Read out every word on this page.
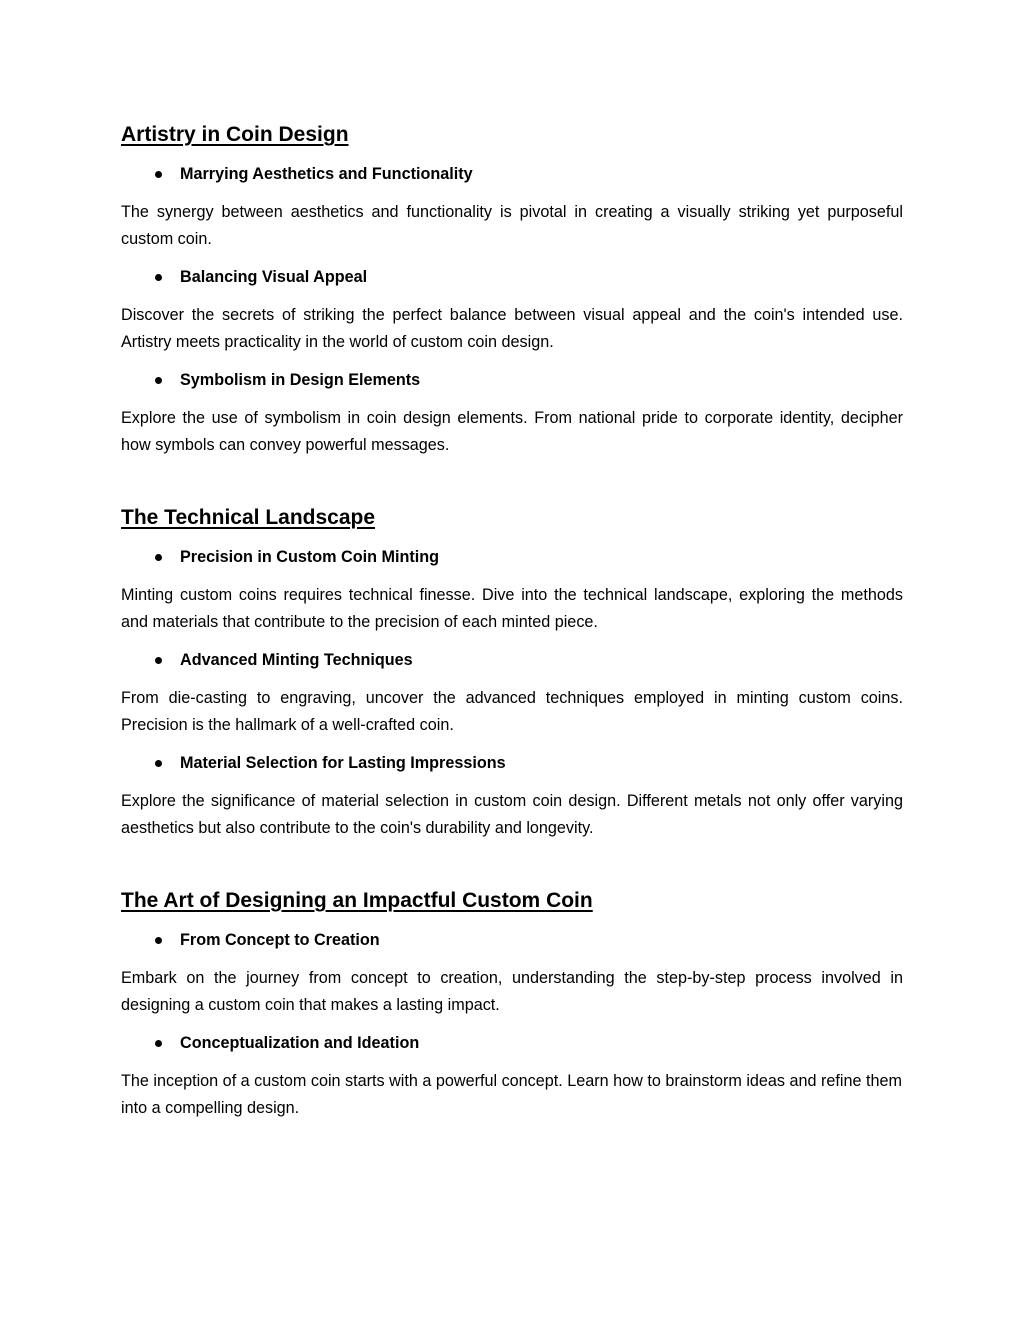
Artistry in Coin Design
Marrying Aesthetics and Functionality

The synergy between aesthetics and functionality is pivotal in creating a visually striking yet purposeful custom coin.

Balancing Visual Appeal

Discover the secrets of striking the perfect balance between visual appeal and the coin's intended use. Artistry meets practicality in the world of custom coin design.

Symbolism in Design Elements

Explore the use of symbolism in coin design elements. From national pride to corporate identity, decipher how symbols can convey powerful messages.

The Technical Landscape
Precision in Custom Coin Minting

Minting custom coins requires technical finesse. Dive into the technical landscape, exploring the methods and materials that contribute to the precision of each minted piece.

Advanced Minting Techniques

From die-casting to engraving, uncover the advanced techniques employed in minting custom coins. Precision is the hallmark of a well-crafted coin.

Material Selection for Lasting Impressions

Explore the significance of material selection in custom coin design. Different metals not only offer varying aesthetics but also contribute to the coin's durability and longevity.

The Art of Designing an Impactful Custom Coin
From Concept to Creation

Embark on the journey from concept to creation, understanding the step-by-step process involved in designing a custom coin that makes a lasting impact.

Conceptualization and Ideation

The inception of a custom coin starts with a powerful concept. Learn how to brainstorm ideas and refine them into a compelling design.
